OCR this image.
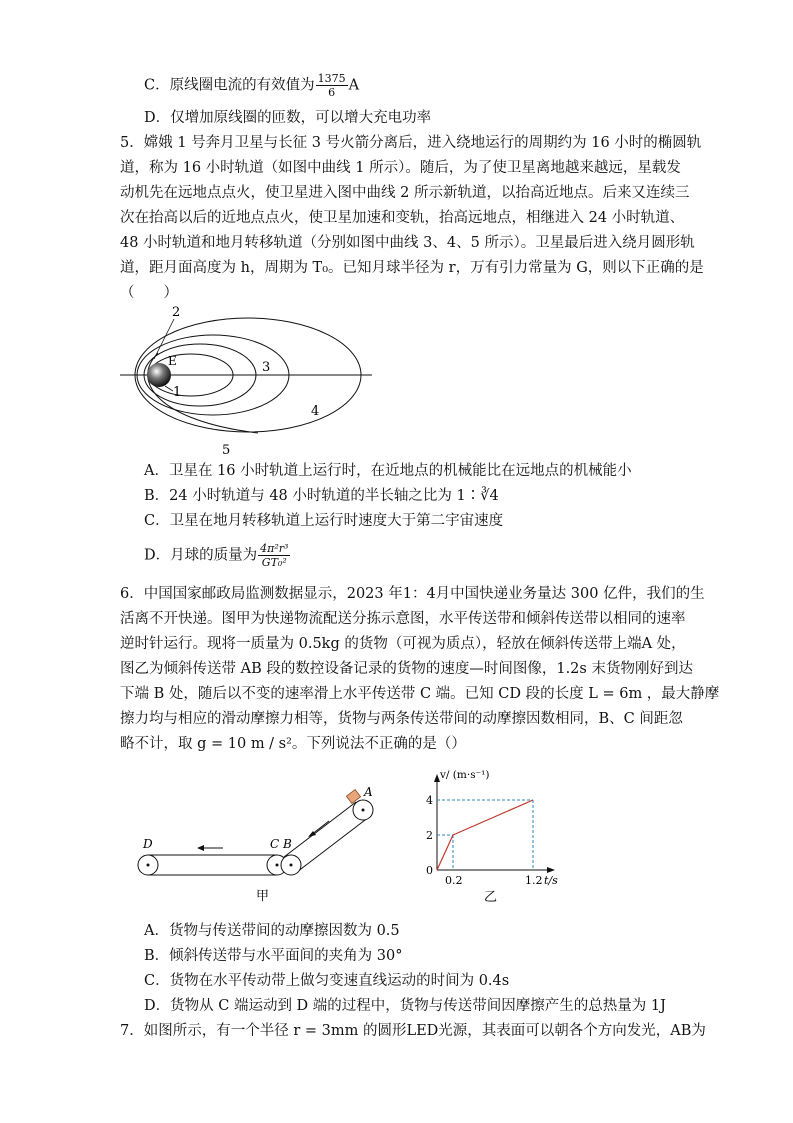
C．原线圈电流的有效值为 $\frac{1375}{6}$ A
D．仅增加原线圈的匝数，可以增大充电功率
5．嫦娥 1 号奔月卫星与长征 3 号火箭分离后，进入绕地运行的周期约为 16 小时的椭圆轨
道，称为 16 小时轨道（如图中曲线 1 所示）。随后，为了使卫星离地越来越远，星载发
动机先在远地点点火，使卫星进入图中曲线 2 所示新轨道，以抬高近地点。后来又连续三
次在抬高以后的近地点点火，使卫星加速和变轨，抬高远地点，相继进入 24 小时轨道、
48 小时轨道和地月转移轨道（分别如图中曲线 3、4、5 所示）。卫星最后进入绕月圆形轨
道，距月面高度为 h，周期为 T₀。已知月球半径为 r，万有引力常量为 G，则以下正确的是
（　　）
2
E
1
3
4
5
A．卫星在 16 小时轨道上运行时，在近地点的机械能比在远地点的机械能小
B．24 小时轨道与 48 小时轨道的半长轴之比为 1∶∛4
C．卫星在地月转移轨道上运行时速度大于第二宇宙速度
D．月球的质量为 $\frac{\text{4π²r³}}{\text{GT₀²}}$
6．中国国家邮政局监测数据显示，2023 年1：4月中国快递业务量达 300 亿件，我们的生
活离不开快递。图甲为快递物流配送分拣示意图，水平传送带和倾斜传送带以相同的速率
逆时针运行。现将一质量为 0.5kg 的货物（可视为质点），轻放在倾斜传送带上端A 处，
图乙为倾斜传送带 AB 段的数控设备记录的货物的速度—时间图像，1.2s 末货物刚好到达
下端 B 处，随后以不变的速率滑上水平传送带 C 端。已知 CD 段的长度 L = 6m ，最大静摩
擦力均与相应的滑动摩擦力相等，货物与两条传送带间的动摩擦因数相同，B、C 间距忽
略不计，取 g = 10 m / s²。下列说法不正确的是（）
D	C B
A
甲
v/ (m·s⁻¹)
t/s
0
乙
4
2
0.2	1.2
A．货物与传送带间的动摩擦因数为 0.5
B．倾斜传送带与水平面间的夹角为 30°
C．货物在水平传动带上做匀变速直线运动的时间为 0.4s
D．货物从 C 端运动到 D 端的过程中，货物与传送带间因摩擦产生的总热量为 1J
7．如图所示，有一个半径 r = 3mm 的圆形LED光源，其表面可以朝各个方向发光，AB为
